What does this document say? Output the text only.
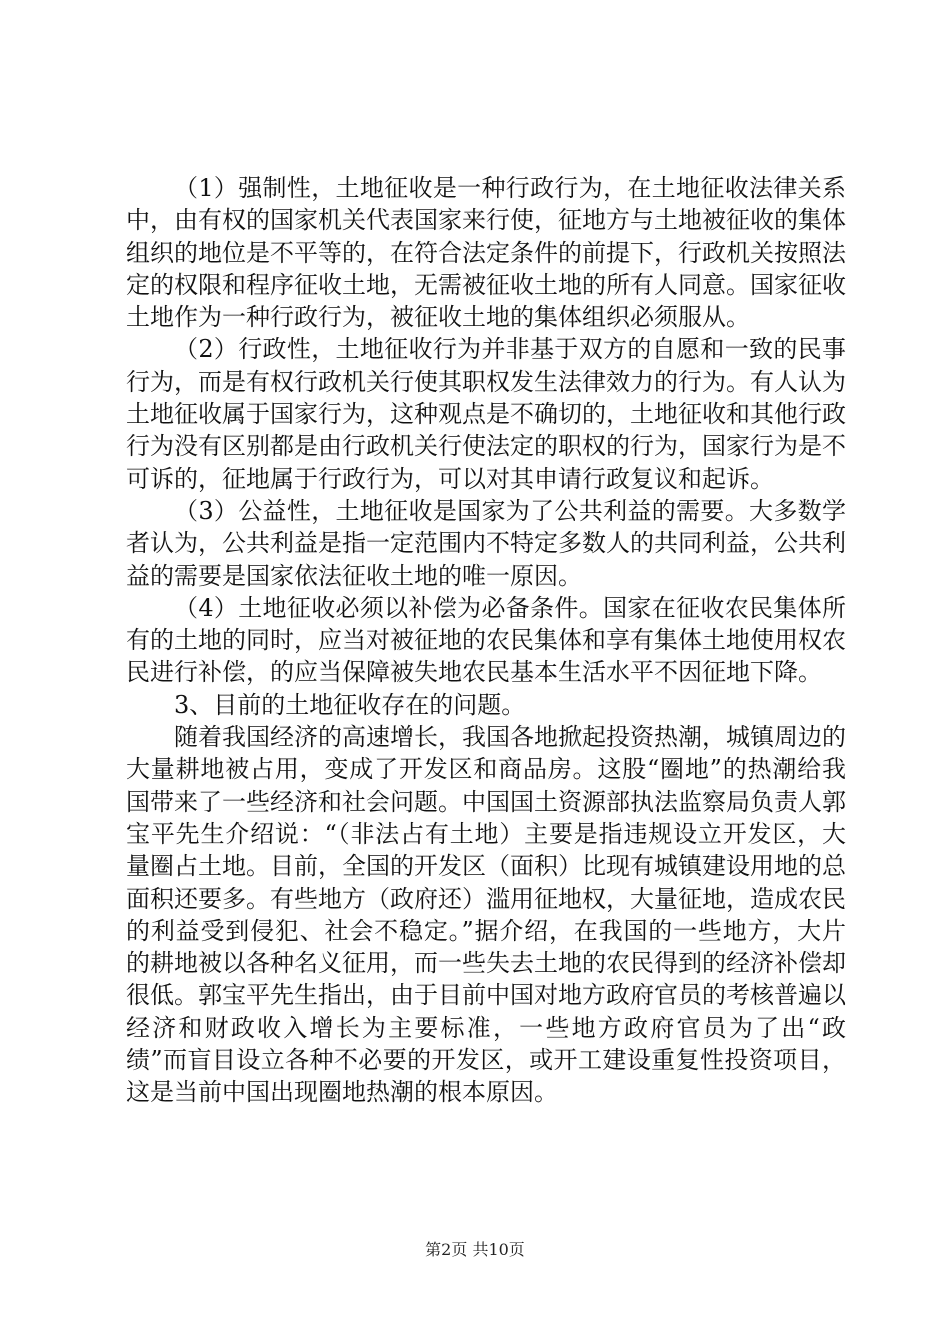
（1）强制性，土地征收是一种行政行为，在土地征收法律关系中，由有权的国家机关代表国家来行使，征地方与土地被征收的集体组织的地位是不平等的，在符合法定条件的前提下，行政机关按照法定的权限和程序征收土地，无需被征收土地的所有人同意。国家征收土地作为一种行政行为，被征收土地的集体组织必须服从。

（2）行政性，土地征收行为并非基于双方的自愿和一致的民事行为，而是有权行政机关行使其职权发生法律效力的行为。有人认为土地征收属于国家行为，这种观点是不确切的，土地征收和其他行政行为没有区别都是由行政机关行使法定的职权的行为，国家行为是不可诉的，征地属于行政行为，可以对其申请行政复议和起诉。

（3）公益性，土地征收是国家为了公共利益的需要。大多数学者认为，公共利益是指一定范围内不特定多数人的共同利益，公共利益的需要是国家依法征收土地的唯一原因。

（4）土地征收必须以补偿为必备条件。国家在征收农民集体所有的土地的同时，应当对被征地的农民集体和享有集体土地使用权农民进行补偿，的应当保障被失地农民基本生活水平不因征地下降。

3、目前的土地征收存在的问题。

随着我国经济的高速增长，我国各地掀起投资热潮，城镇周边的大量耕地被占用，变成了开发区和商品房。这股“圈地”的热潮给我国带来了一些经济和社会问题。中国国土资源部执法监察局负责人郭宝平先生介绍说：“（非法占有土地）主要是指违规设立开发区，大量圈占土地。目前，全国的开发区（面积）比现有城镇建设用地的总面积还要多。有些地方（政府还）滥用征地权，大量征地，造成农民的利益受到侵犯、社会不稳定。”据介绍，在我国的一些地方，大片的耕地被以各种名义征用，而一些失去土地的农民得到的经济补偿却很低。郭宝平先生指出，由于目前中国对地方政府官员的考核普遍以经济和财政收入增长为主要标准，一些地方政府官员为了出“政绩”而盲目设立各种不必要的开发区，或开工建设重复性投资项目，这是当前中国出现圈地热潮的根本原因。

第2页 共10页
